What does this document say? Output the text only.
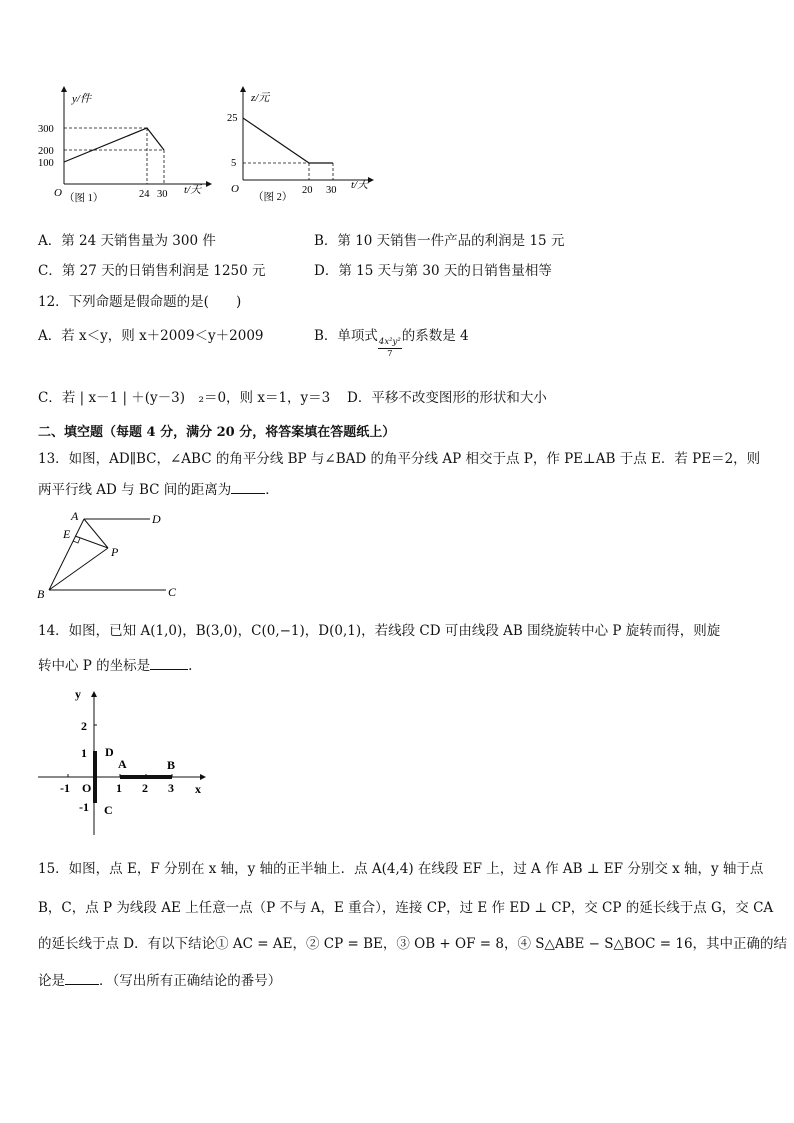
y/件
300
200
100
O （图 1）	24 30 t/天
z/元
25
5
O
（图 2）
20 30 t/天
A．第 24 天销售量为 300 件	B．第 10 天销售一件产品的利润是 15 元
C．第 27 天的日销售利润是 1250 元	D．第 15 天与第 30 天的日销售量相等
12．下列命题是假命题的是(　　)
A．若 x＜y，则 x＋2009＜y＋2009	B．单项式
$\frac{\text{4x²y²}}{7}$
的系数是 4
C．若 | x－1 | ＋(y－3)　₂＝0，则 x＝1，y＝3 D．平移不改变图形的形状和大小
二、填空题（每题 4 分，满分 20 分，将答案填在答题纸上）
13．如图，AD∥BC，∠ABC 的角平分线 BP 与∠BAD 的角平分线 AP 相交于点 P，作 PE⊥AB 于点 E．若 PE＝2，则
两平行线 AD 与 BC 间的距离为	．
A	D
E
P
B	C
14．如图，已知 A(1,0)，B(3,0)，C(0,−1)，D(0,1)，若线段 CD 可由线段 AB 围绕旋转中心 P 旋转而得，则旋
转中心 P 的坐标是	.
y
2
1
-1
-1 O 1 2 3 x
D
A	B
C
15．如图，点 E，F 分别在 x 轴，y 轴的正半轴上．点 A(4,4) 在线段 EF 上，过 A 作 AB ⊥ EF 分别交 x 轴，y 轴于点
B，C，点 P 为线段 AE 上任意一点（P 不与 A，E 重合），连接 CP，过 E 作 ED ⊥ CP，交 CP 的延长线于点 G，交 CA
的延长线于点 D．有以下结论① AC = AE，② CP = BE，③ OB + OF = 8，④ S△ABE − S△BOC = 16，其中正确的结
论是	．（写出所有正确结论的番号）
